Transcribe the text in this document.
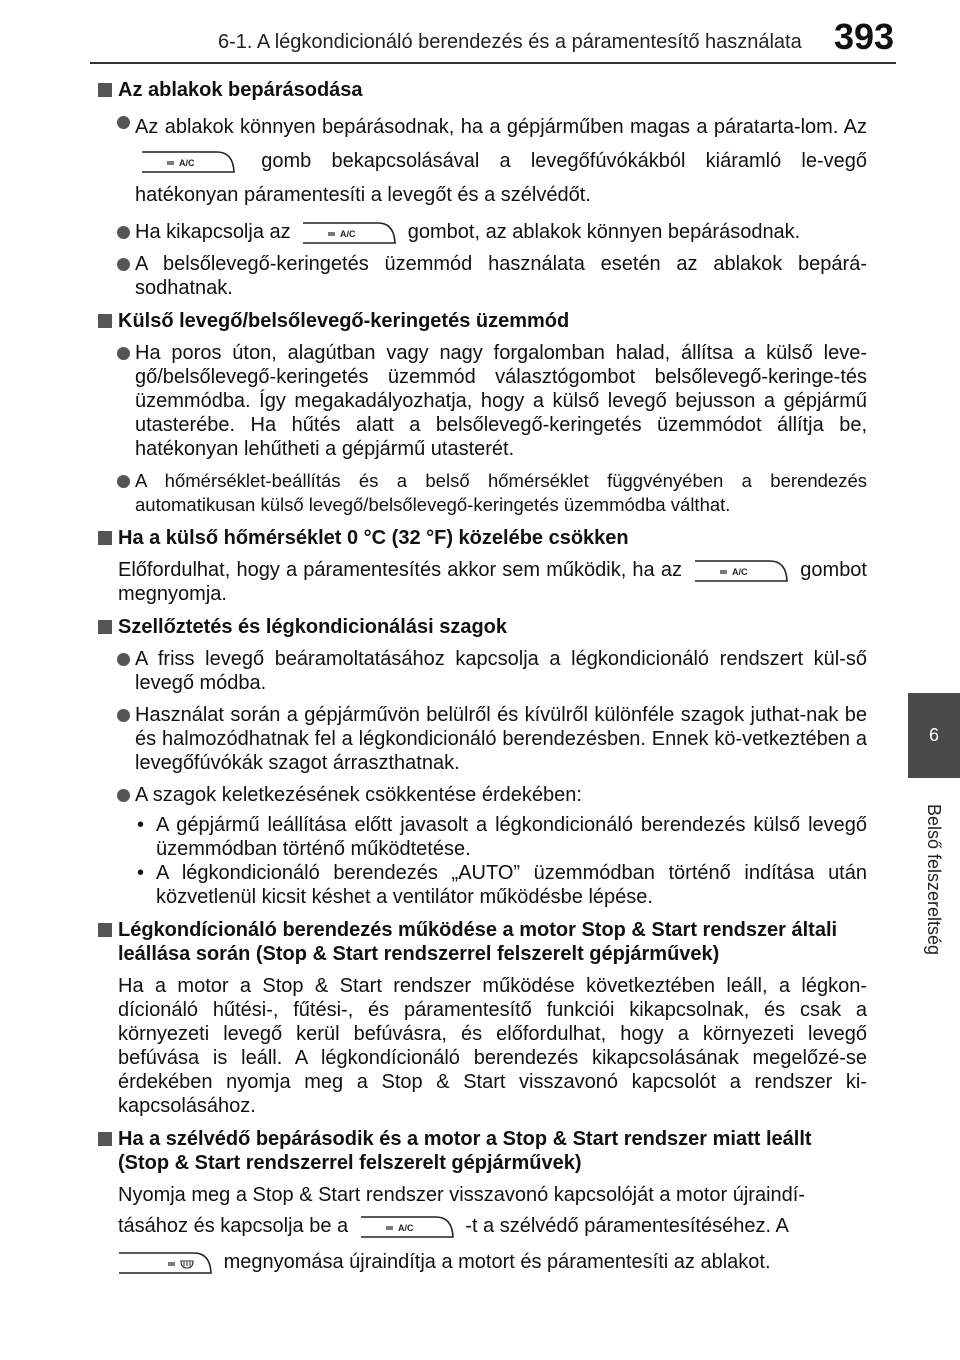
6-1. A légkondicionáló berendezés és a páramentesítő használata 393
6
Belső felszereltség
Az ablakok bepárásodása
Az ablakok könnyen bepárásodnak, ha a gépjárműben magas a páratarta-lom. Az
A/C	gomb bekapcsolásával a levegőfúvókákból kiáramló le-vegő hatékonyan páramentesíti a levegőt és a szélvédőt.
Ha kikapcsolja az	A/C	gombot, az ablakok könnyen bepárásodnak.
A belsőlevegő-keringetés üzemmód használata esetén az ablakok bepárá-sodhatnak.
Külső levegő/belsőlevegő-keringetés üzemmód
Ha poros úton, alagútban vagy nagy forgalomban halad, állítsa a külső leve-gő/belsőlevegő-keringetés üzemmód választógombot belsőlevegő-keringe-tés üzemmódba. Így megakadályozhatja, hogy a külső levegő bejusson a gépjármű utasterébe. Ha hűtés alatt a belsőlevegő-keringetés üzemmódot állítja be, hatékonyan lehűtheti a gépjármű utasterét.
A hőmérséklet-beállítás és a belső hőmérséklet függvényében a berendezés automatikusan külső levegő/belsőlevegő-keringetés üzemmódba válthat.
Ha a külső hőmérséklet 0 °C (32 °F) közelébe csökken
Előfordulhat, hogy a páramentesítés akkor sem működik, ha az	A/C	gombot megnyomja.
Szellőztetés és légkondicionálási szagok
A friss levegő beáramoltatásához kapcsolja a légkondicionáló rendszert kül-ső levegő módba.
Használat során a gépjárművön belülről és kívülről különféle szagok juthat-nak be és halmozódhatnak fel a légkondicionáló berendezésben. Ennek kö-vetkeztében a levegőfúvókák szagot árraszthatnak.
A szagok keletkezésének csökkentése érdekében:
• A gépjármű leállítása előtt javasolt a légkondicionáló berendezés külső levegő üzemmódban történő működtetése.
• A légkondicionáló berendezés „AUTO” üzemmódban történő indítása után közvetlenül kicsit késhet a ventilátor működésbe lépése.
Légkondícionáló berendezés működése a motor Stop & Start rendszer általi leállása során (Stop & Start rendszerrel felszerelt gépjárművek)
Ha a motor a Stop & Start rendszer működése következtében leáll, a légkon-dícionáló hűtési-, fűtési-, és páramentesítő funkciói kikapcsolnak, és csak a környezeti levegő kerül befúvásra, és előfordulhat, hogy a környezeti levegő befúvása is leáll. A légkondícionáló berendezés kikapcsolásának megelőzé-se érdekében nyomja meg a Stop & Start visszavonó kapcsolót a rendszer ki-kapcsolásához.
Ha a szélvédő bepárásodik és a motor a Stop & Start rendszer miatt leállt (Stop & Start rendszerrel felszerelt gépjárművek)
Nyomja meg a Stop & Start rendszer visszavonó kapcsolóját a motor újraindí-
tásához és kapcsolja be a	A/C	-t a szélvédő páramentesítéséhez. A
megnyomása újraindítja a motort és páramentesíti az ablakot.
